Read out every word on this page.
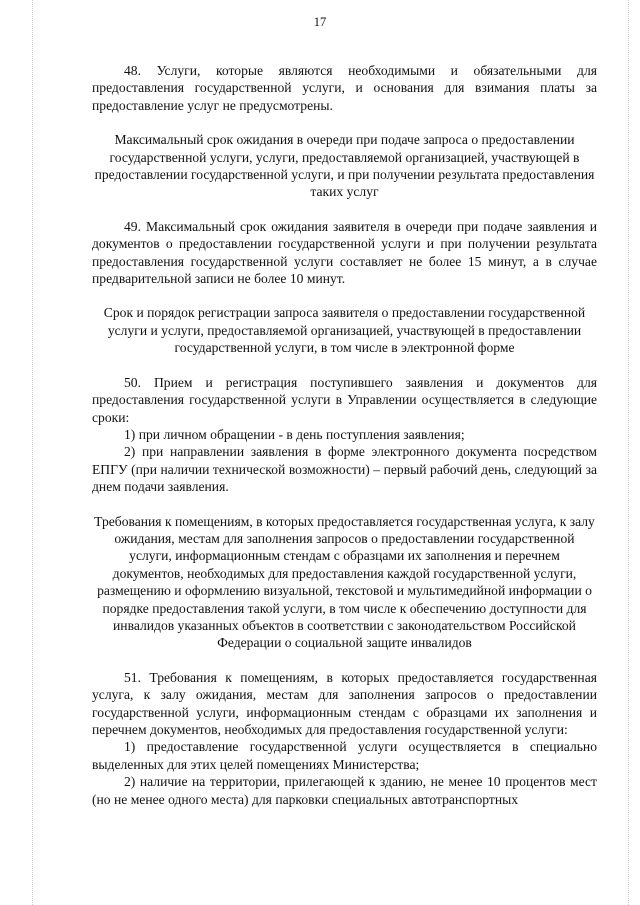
17

48. Услуги, которые являются необходимыми и обязательными для предоставления государственной услуги, и основания для взимания платы за предоставление услуг не предусмотрены.

Максимальный срок ожидания в очереди при подаче запроса о предоставлении государственной услуги, услуги, предоставляемой организацией, участвующей в предоставлении государственной услуги, и при получении результата предоставления таких услуг

49. Максимальный срок ожидания заявителя в очереди при подаче заявления и документов о предоставлении государственной услуги и при получении результата предоставления государственной услуги составляет не более 15 минут, а в случае предварительной записи не более 10 минут.

Срок и порядок регистрации запроса заявителя о предоставлении государственной услуги и услуги, предоставляемой организацией, участвующей в предоставлении государственной услуги, в том числе в электронной форме

50. Прием и регистрация поступившего заявления и документов для предоставления государственной услуги в Управлении осуществляется в следующие сроки:

1) при личном обращении - в день поступления заявления;

2) при направлении заявления в форме электронного документа посредством ЕПГУ (при наличии технической возможности) – первый рабочий день, следующий за днем подачи заявления.

Требования к помещениям, в которых предоставляется государственная услуга, к залу ожидания, местам для заполнения запросов о предоставлении государственной услуги, информационным стендам с образцами их заполнения и перечнем документов, необходимых для предоставления каждой государственной услуги, размещению и оформлению визуальной, текстовой и мультимедийной информации о порядке предоставления такой услуги, в том числе к обеспечению доступности для инвалидов указанных объектов в соответствии с законодательством Российской Федерации о социальной защите инвалидов

51. Требования к помещениям, в которых предоставляется государственная услуга, к залу ожидания, местам для заполнения запросов о предоставлении государственной услуги, информационным стендам с образцами их заполнения и перечнем документов, необходимых для предоставления государственной услуги:

1) предоставление государственной услуги осуществляется в специально выделенных для этих целей помещениях Министерства;

2) наличие на территории, прилегающей к зданию, не менее 10 процентов мест (но не менее одного места) для парковки специальных автотранспортных
